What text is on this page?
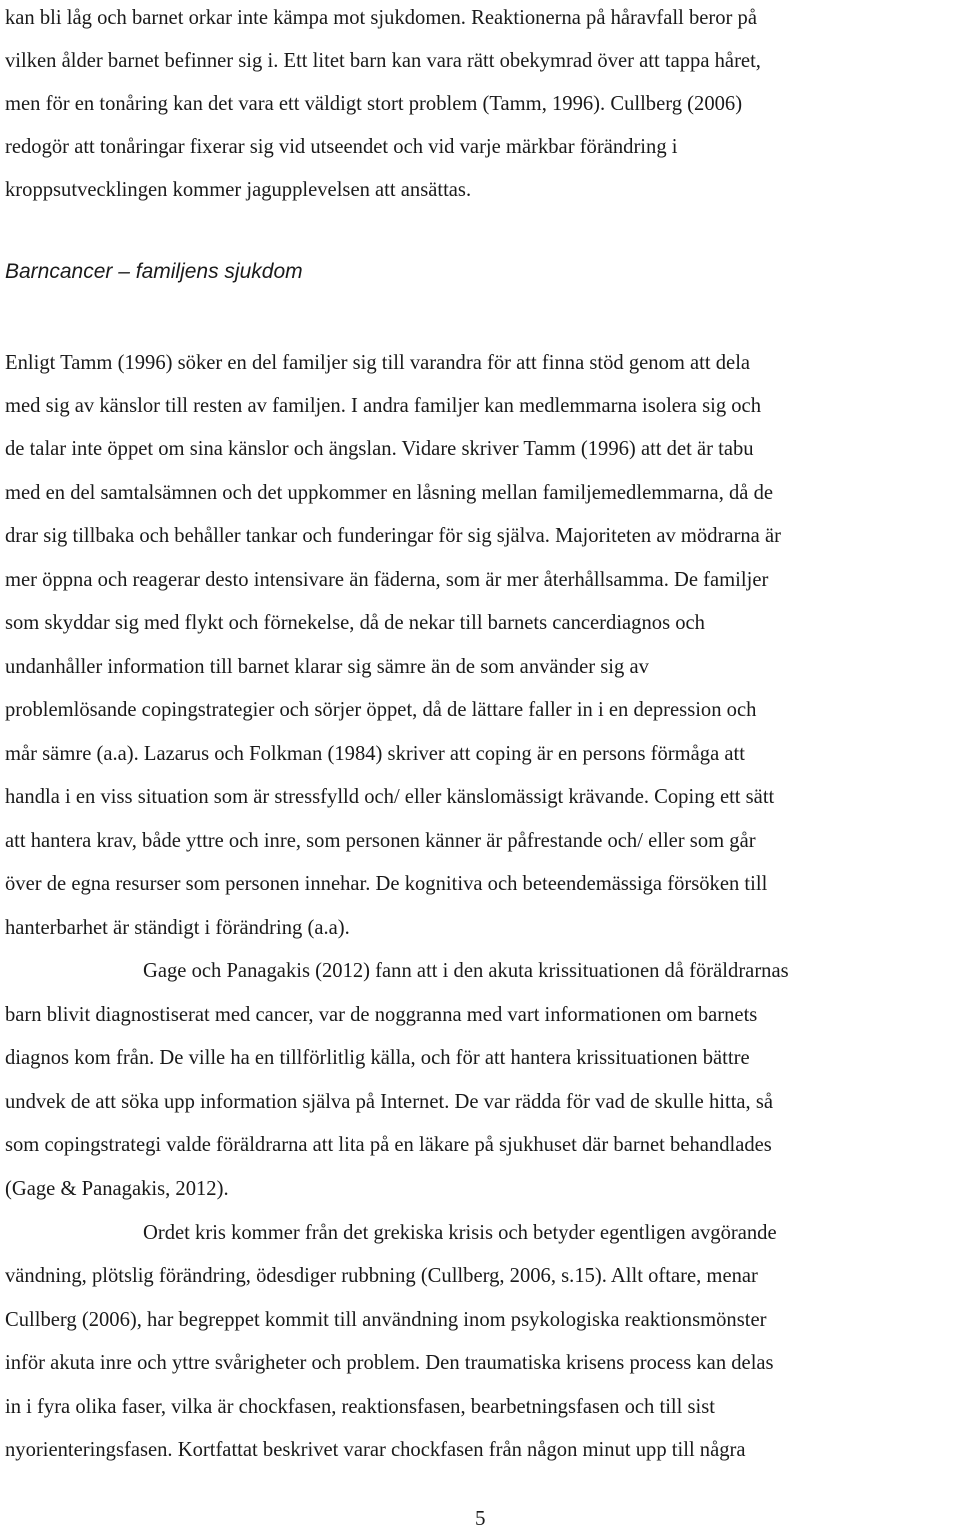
kan bli låg och barnet orkar inte kämpa mot sjukdomen. Reaktionerna på håravfall beror på
vilken ålder barnet befinner sig i. Ett litet barn kan vara rätt obekymrad över att tappa håret,
men för en tonåring kan det vara ett väldigt stort problem (Tamm, 1996). Cullberg (2006)
redogör att tonåringar fixerar sig vid utseendet och vid varje märkbar förändring i
kroppsutvecklingen kommer jagupplevelsen att ansättas.
Barncancer – familjens sjukdom
Enligt Tamm (1996) söker en del familjer sig till varandra för att finna stöd genom att dela
med sig av känslor till resten av familjen. I andra familjer kan medlemmarna isolera sig och
de talar inte öppet om sina känslor och ängslan. Vidare skriver Tamm (1996) att det är tabu
med en del samtalsämnen och det uppkommer en låsning mellan familjemedlemmarna, då de
drar sig tillbaka och behåller tankar och funderingar för sig själva. Majoriteten av mödrarna är
mer öppna och reagerar desto intensivare än fäderna, som är mer återhållsamma. De familjer
som skyddar sig med flykt och förnekelse, då de nekar till barnets cancerdiagnos och
undanhåller information till barnet klarar sig sämre än de som använder sig av
problemlösande copingstrategier och sörjer öppet, då de lättare faller in i en depression och
mår sämre (a.a). Lazarus och Folkman (1984) skriver att coping är en persons förmåga att
handla i en viss situation som är stressfylld och/ eller känslomässigt krävande. Coping ett sätt
att hantera krav, både yttre och inre, som personen känner är påfrestande och/ eller som går
över de egna resurser som personen innehar. De kognitiva och beteendemässiga försöken till
hanterbarhet är ständigt i förändring (a.a).
Gage och Panagakis (2012) fann att i den akuta krissituationen då föräldrarnas
barn blivit diagnostiserat med cancer, var de noggranna med vart informationen om barnets
diagnos kom från. De ville ha en tillförlitlig källa, och för att hantera krissituationen bättre
undvek de att söka upp information själva på Internet. De var rädda för vad de skulle hitta, så
som copingstrategi valde föräldrarna att lita på en läkare på sjukhuset där barnet behandlades
(Gage & Panagakis, 2012).
Ordet kris kommer från det grekiska krisis och betyder egentligen avgörande
vändning, plötslig förändring, ödesdiger rubbning (Cullberg, 2006, s.15). Allt oftare, menar
Cullberg (2006), har begreppet kommit till användning inom psykologiska reaktionsmönster
inför akuta inre och yttre svårigheter och problem. Den traumatiska krisens process kan delas
in i fyra olika faser, vilka är chockfasen, reaktionsfasen, bearbetningsfasen och till sist
nyorienteringsfasen. Kortfattat beskrivet varar chockfasen från någon minut upp till några
5
